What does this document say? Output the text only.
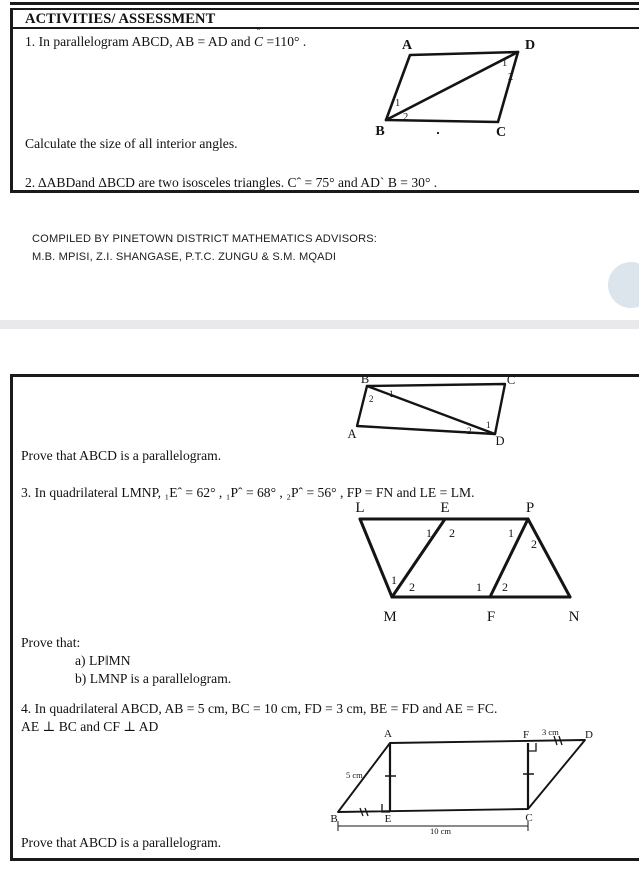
ACTIVITIES/ ASSESSMENT
1. In parallelogram ABCD, AB = AD and C =110° .
Calculate the size of all interior angles.
2. ΔABDand ΔBCD are two isosceles triangles. Cˆ = 75° and ADˋ B = 30° .
A	D
B	C
1
2
1
2
COMPILED BY PINETOWN DISTRICT MATHEMATICS ADVISORS:
M.B. MPISI, Z.I. SHANGASE, P.T.C. ZUNGU & S.M. MQADI
Prove that ABCD is a parallelogram.
3. In quadrilateral LMNP, ₁Eˆ = 62° , ₁Pˆ = 68° , ₂Pˆ = 56° , FP = FN and LE = LM.
Prove that:
a) LP‖MN
b) LMNP is a parallelogram.
4. In quadrilateral ABCD, AB = 5 cm, BC = 10 cm, FD = 3 cm, BE = FD and AE = FC.
AE ⊥ BC and CF ⊥ AD
Prove that ABCD is a parallelogram.
B	C
A	D
2 1
2
1
L	E	P
M	F	N
1 2	1
2
1 2	1 2
A	D
B	C
E
F
5 cm
10 cm
3 cm
